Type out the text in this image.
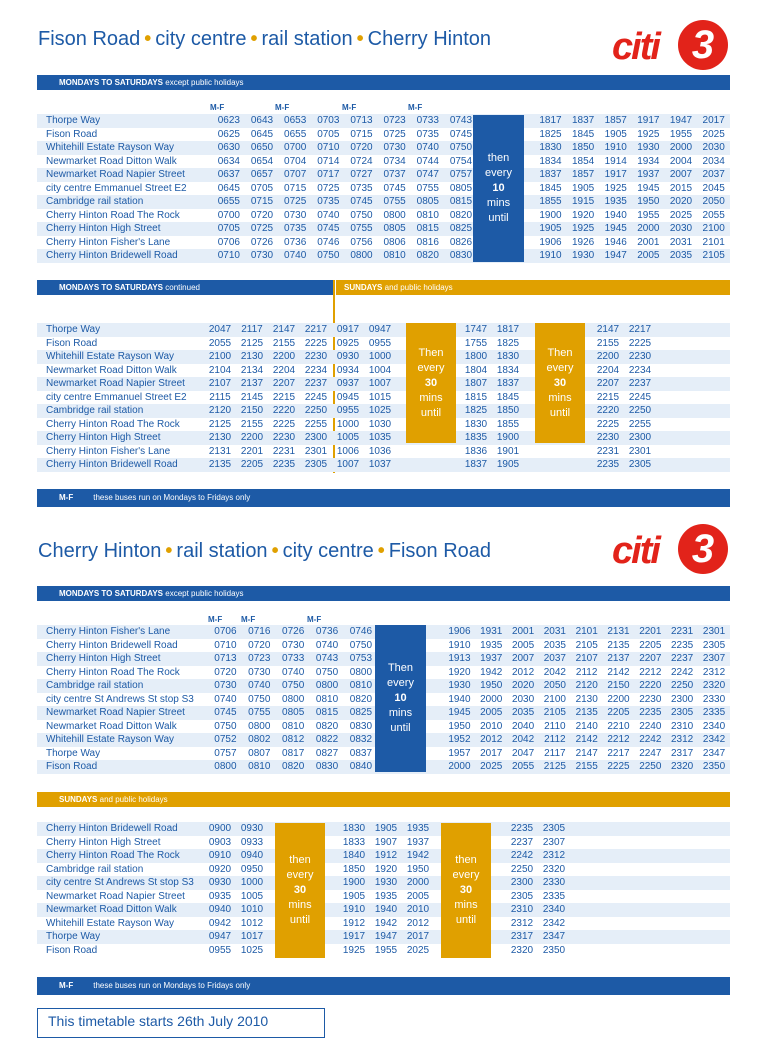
Fison Road • city centre • rail station • Cherry Hinton	citi 3
MONDAYS TO SATURDAYS except public holidays
M-F	M-F	M-F	M-F
Thorpe Way	0623	0643	0653	0703	0713	0723	0733	0743		1817	1837	1857	1917	1947	2017
Fison Road	0625	0645	0655	0705	0715	0725	0735	0745		1825	1845	1905	1925	1955	2025
Whitehill Estate Rayson Way	0630	0650	0700	0710	0720	0730	0740	0750		1830	1850	1910	1930	2000	2030
Newmarket Road Ditton Walk	0634	0654	0704	0714	0724	0734	0744	0754		1834	1854	1914	1934	2004	2034
Newmarket Road Napier Street	0637	0657	0707	0717	0727	0737	0747	0757		1837	1857	1917	1937	2007	2037
city centre Emmanuel Street E2	0645	0705	0715	0725	0735	0745	0755	0805		1845	1905	1925	1945	2015	2045
Cambridge rail station	0655	0715	0725	0735	0745	0755	0805	0815		1855	1915	1935	1950	2020	2050
Cherry Hinton Road The Rock	0700	0720	0730	0740	0750	0800	0810	0820		1900	1920	1940	1955	2025	2055
Cherry Hinton High Street	0705	0725	0735	0745	0755	0805	0815	0825		1905	1925	1945	2000	2030	2100
Cherry Hinton Fisher's Lane	0706	0726	0736	0746	0756	0806	0816	0826		1906	1926	1946	2001	2031	2101
Cherry Hinton Bridewell Road	0710	0730	0740	0750	0800	0810	0820	0830		1910	1930	1947	2005	2035	2105
then
every
10
mins
until
MONDAYS TO SATURDAYS continued	SUNDAYS and public holidays
Thorpe Way	2047	2117	2147	2217	0917	0947		1747	1817		2147	2217	
Fison Road	2055	2125	2155	2225	0925	0955		1755	1825		2155	2225	
Whitehill Estate Rayson Way	2100	2130	2200	2230	0930	1000		1800	1830		2200	2230	
Newmarket Road Ditton Walk	2104	2134	2204	2234	0934	1004		1804	1834		2204	2234	
Newmarket Road Napier Street	2107	2137	2207	2237	0937	1007		1807	1837		2207	2237	
city centre Emmanuel Street E2	2115	2145	2215	2245	0945	1015		1815	1845		2215	2245	
Cambridge rail station	2120	2150	2220	2250	0955	1025		1825	1850		2220	2250	
Cherry Hinton Road The Rock	2125	2155	2225	2255	1000	1030		1830	1855		2225	2255	
Cherry Hinton High Street	2130	2200	2230	2300	1005	1035		1835	1900		2230	2300	
Cherry Hinton Fisher's Lane	2131	2201	2231	2301	1006	1036		1836	1901		2231	2301	
Cherry Hinton Bridewell Road	2135	2205	2235	2305	1007	1037		1837	1905		2235	2305	
Then
every
30
mins
until
Then
every
30
mins
until
M-F	these buses run on Mondays to Fridays only
Cherry Hinton • rail station • city centre • Fison Road	citi 3
MONDAYS TO SATURDAYS except public holidays
M-F M-F	M-F
Cherry Hinton Fisher's Lane	0706	0716	0726	0736	0746		1906	1931	2001	2031	2101	2131	2201	2231	2301
Cherry Hinton Bridewell Road	0710	0720	0730	0740	0750		1910	1935	2005	2035	2105	2135	2205	2235	2305
Cherry Hinton High Street	0713	0723	0733	0743	0753		1913	1937	2007	2037	2107	2137	2207	2237	2307
Cherry Hinton Road The Rock	0720	0730	0740	0750	0800		1920	1942	2012	2042	2112	2142	2212	2242	2312
Cambridge rail station	0730	0740	0750	0800	0810		1930	1950	2020	2050	2120	2150	2220	2250	2320
city centre St Andrews St stop S3	0740	0750	0800	0810	0820		1940	2000	2030	2100	2130	2200	2230	2300	2330
Newmarket Road Napier Street	0745	0755	0805	0815	0825		1945	2005	2035	2105	2135	2205	2235	2305	2335
Newmarket Road Ditton Walk	0750	0800	0810	0820	0830		1950	2010	2040	2110	2140	2210	2240	2310	2340
Whitehill Estate Rayson Way	0752	0802	0812	0822	0832		1952	2012	2042	2112	2142	2212	2242	2312	2342
Thorpe Way	0757	0807	0817	0827	0837		1957	2017	2047	2117	2147	2217	2247	2317	2347
Fison Road	0800	0810	0820	0830	0840		2000	2025	2055	2125	2155	2225	2250	2320	2350
Then
every
10
mins
until
SUNDAYS and public holidays
Cherry Hinton Bridewell Road	0900	0930		1830	1905	1935		2235	2305	
Cherry Hinton High Street	0903	0933		1833	1907	1937		2237	2307	
Cherry Hinton Road The Rock	0910	0940		1840	1912	1942		2242	2312	
Cambridge rail station	0920	0950		1850	1920	1950		2250	2320	
city centre St Andrews St stop S3	0930	1000		1900	1930	2000		2300	2330	
Newmarket Road Napier Street	0935	1005		1905	1935	2005		2305	2335	
Newmarket Road Ditton Walk	0940	1010		1910	1940	2010		2310	2340	
Whitehill Estate Rayson Way	0942	1012		1912	1942	2012		2312	2342	
Thorpe Way	0947	1017		1917	1947	2017		2317	2347	
Fison Road	0955	1025		1925	1955	2025		2320	2350	
then
every
30
mins
until
then
every
30
mins
until
M-F	these buses run on Mondays to Fridays only
This timetable starts 26th July 2010
